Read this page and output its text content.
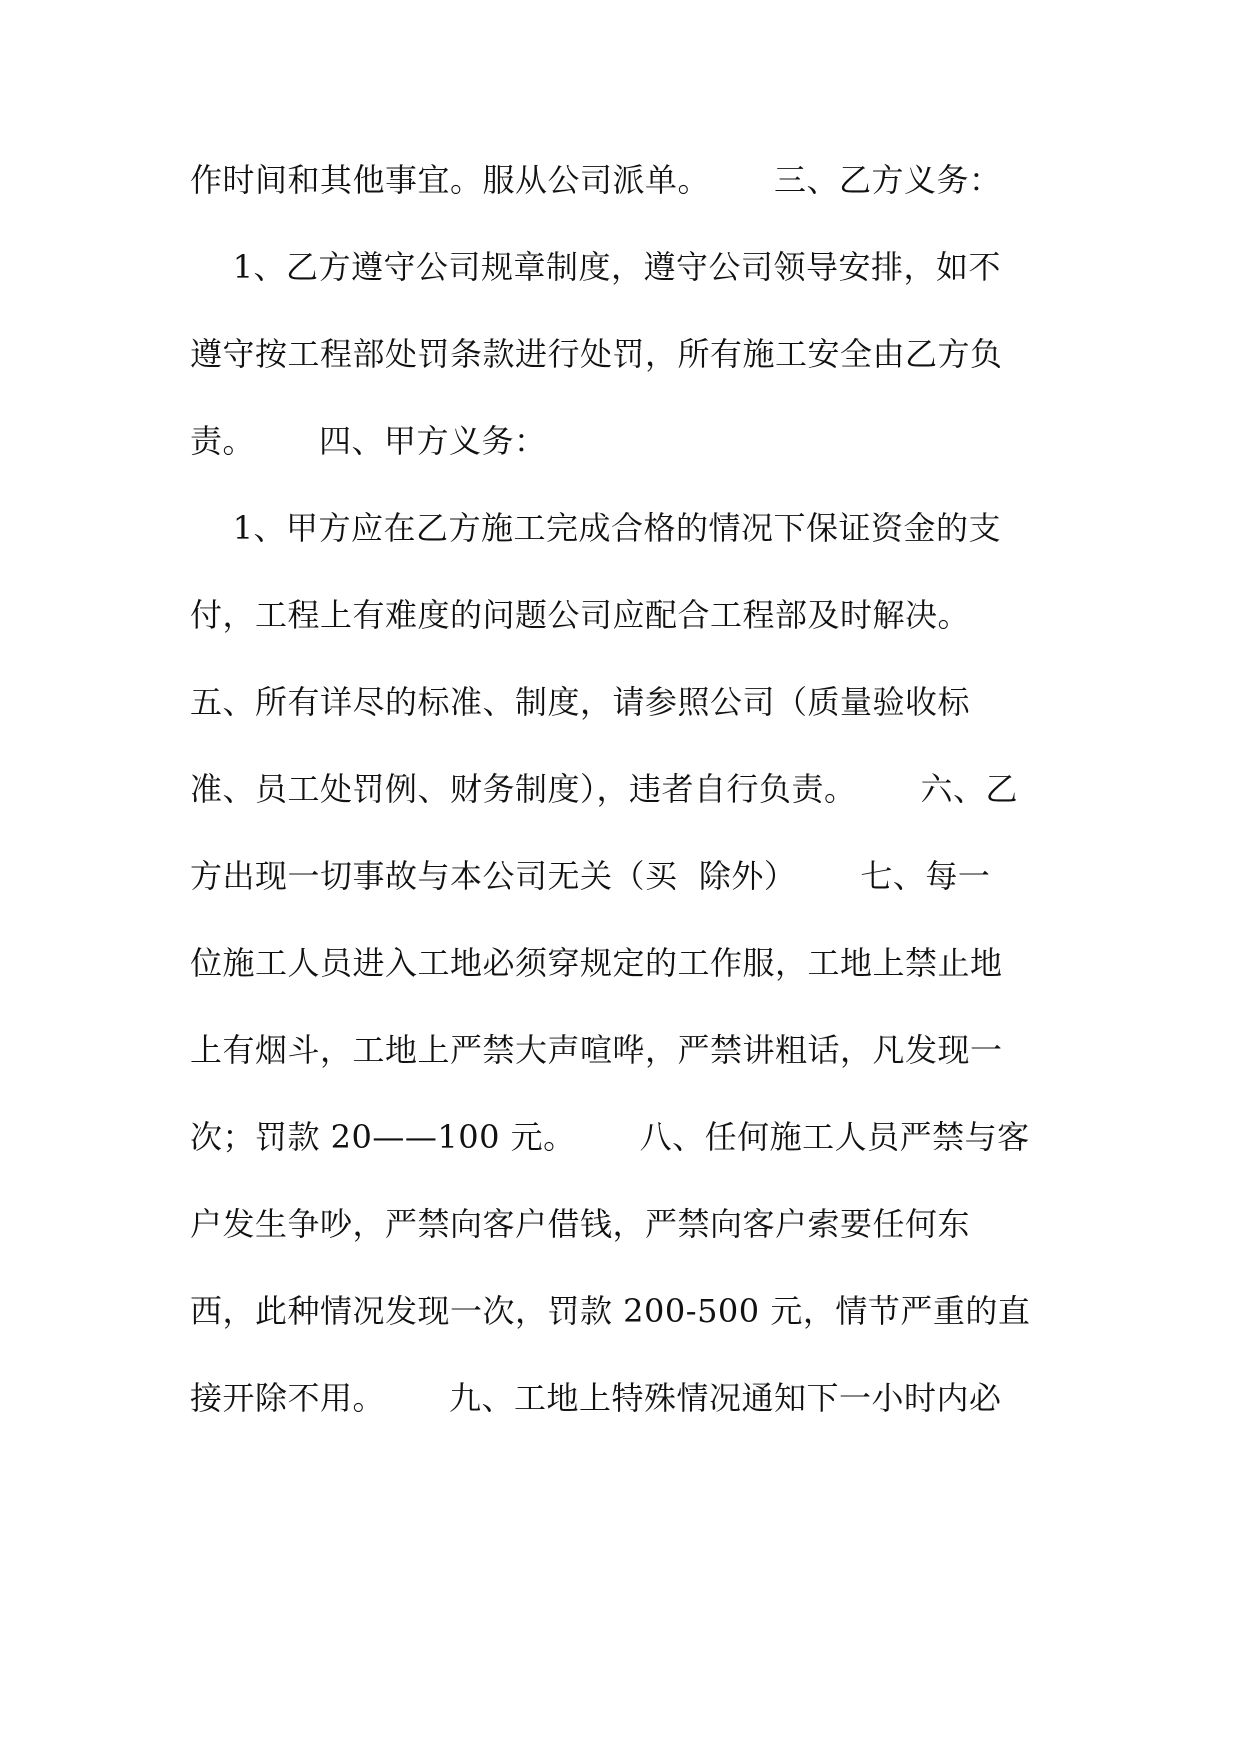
作时间和其他事宜。服从公司派单。      三、乙方义务：
1、乙方遵守公司规章制度，遵守公司领导安排，如不
遵守按工程部处罚条款进行处罚，所有施工安全由乙方负
责。      四、甲方义务：
1、甲方应在乙方施工完成合格的情况下保证资金的支
付，工程上有难度的问题公司应配合工程部及时解决。
五、所有详尽的标准、制度，请参照公司（质量验收标
准、员工处罚例、财务制度），违者自行负责。      六、乙
方出现一切事故与本公司无关（买  除外）      七、每一
位施工人员进入工地必须穿规定的工作服，工地上禁止地
上有烟斗，工地上严禁大声喧哗，严禁讲粗话，凡发现一
次；罚款 20——100 元。      八、任何施工人员严禁与客
户发生争吵，严禁向客户借钱，严禁向客户索要任何东
西，此种情况发现一次，罚款 200-500 元，情节严重的直
接开除不用。      九、工地上特殊情况通知下一小时内必
